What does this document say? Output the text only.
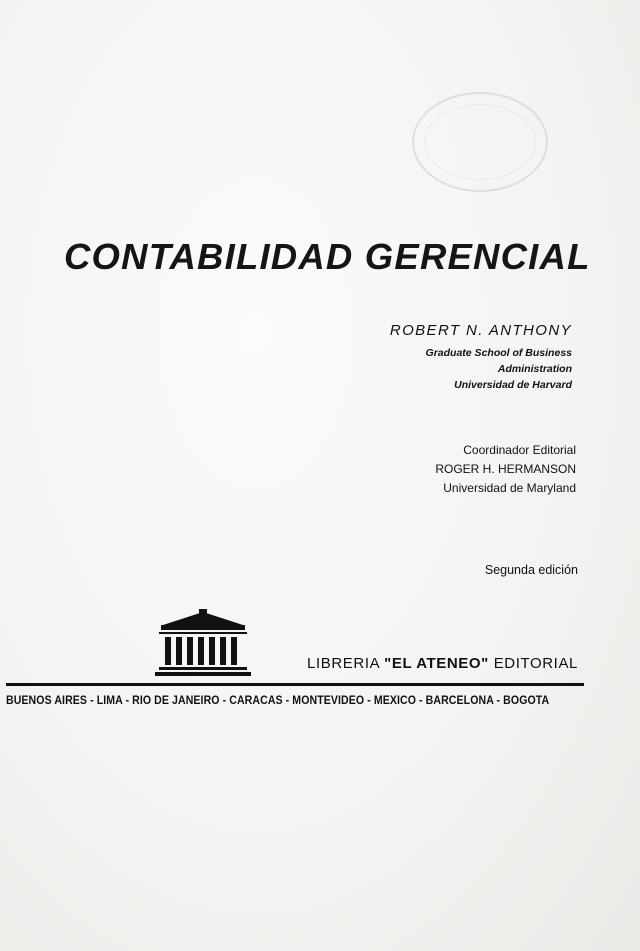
CONTABILIDAD GERENCIAL
ROBERT N. ANTHONY
Graduate School of Business
Administration
Universidad de Harvard
Coordinador Editorial
ROGER H. HERMANSON
Universidad de Maryland
Segunda edición
LIBRERIA "EL ATENEO" EDITORIAL
BUENOS AIRES - LIMA - RIO DE JANEIRO - CARACAS - MONTEVIDEO - MEXICO - BARCELONA - BOGOTA
